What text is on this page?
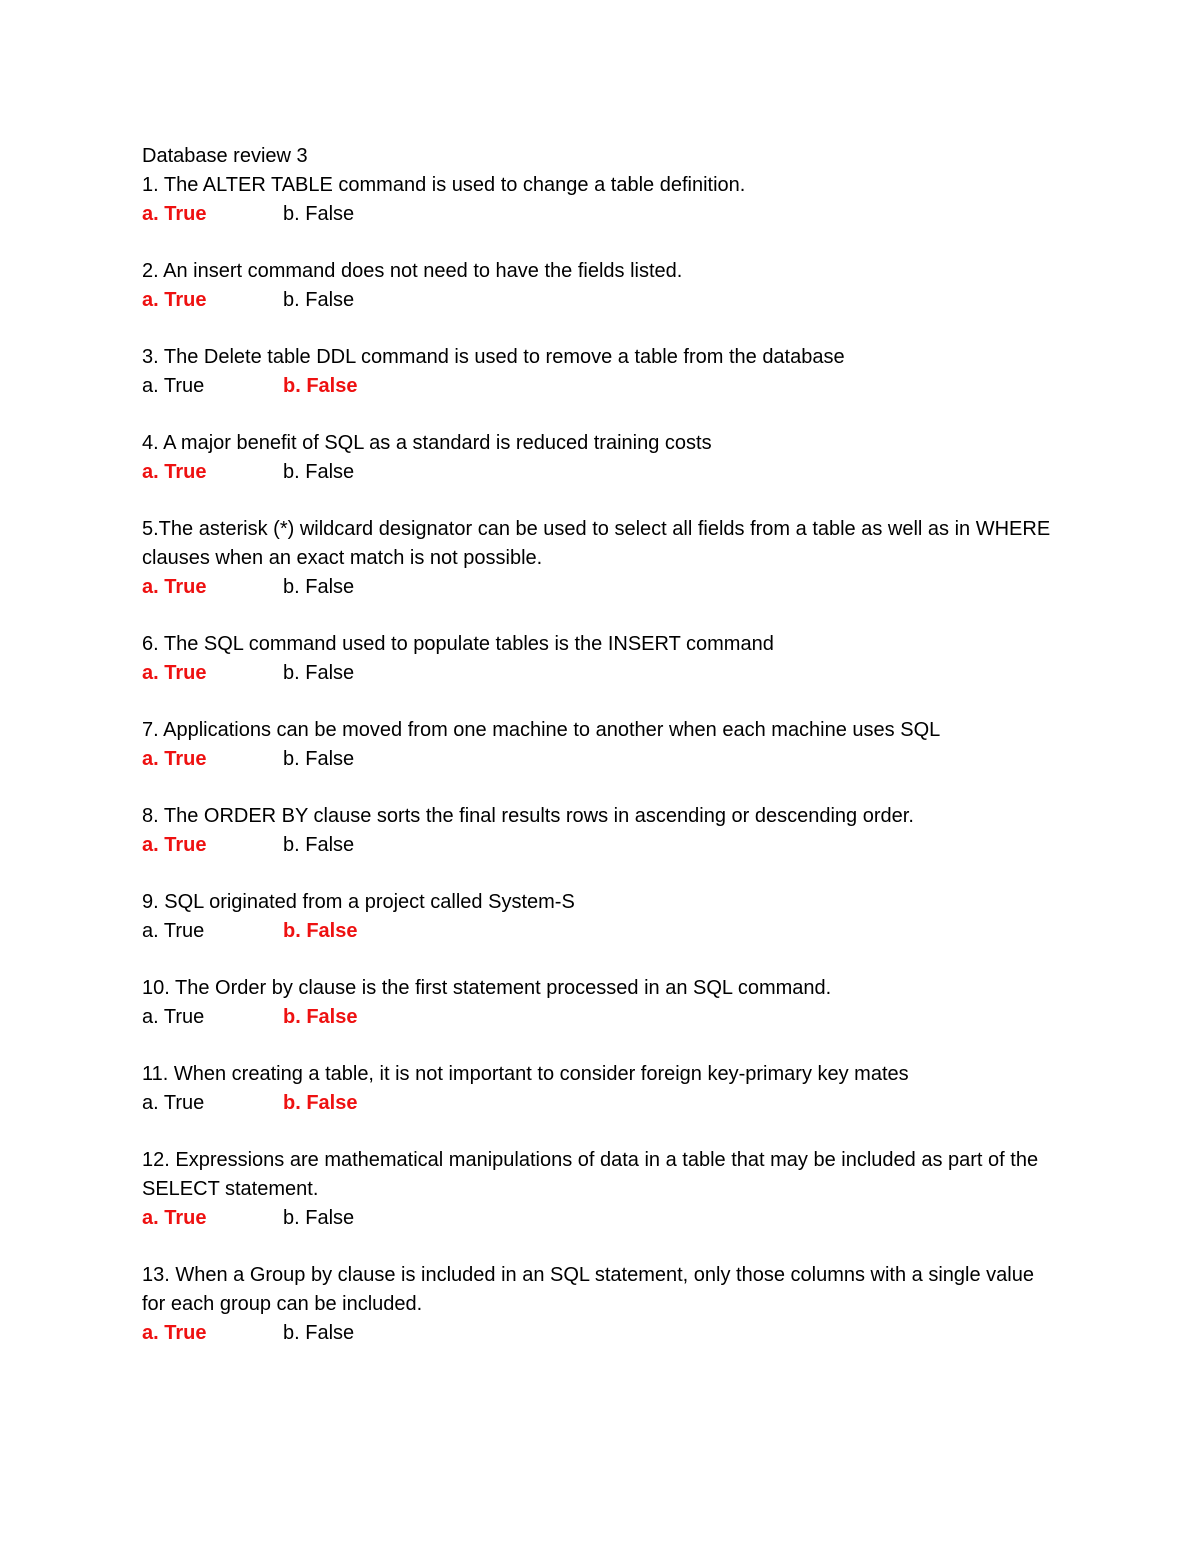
Database review 3

1. The ALTER TABLE command is used to change a table definition.

a. True	b. False

2. An insert command does not need to have the fields listed.

a. True	b. False

3. The Delete table DDL command is used to remove a table from the database

a. True	b. False

4. A major benefit of SQL as a standard is reduced training costs

a. True	b. False

5.The asterisk (*) wildcard designator can be used to select all fields from a table as well as in WHERE clauses when an exact match is not possible.

a. True	b. False

6. The SQL command used to populate tables is the INSERT command

a. True	b. False

7. Applications can be moved from one machine to another when each machine uses SQL

a. True	b. False

8. The ORDER BY clause sorts the final results rows in ascending or descending order.

a. True	b. False

9. SQL originated from a project called System-S

a. True	b. False

10. The Order by clause is the first statement processed in an SQL command.

a. True	b. False

11. When creating a table, it is not important to consider foreign key-primary key mates

a. True	b. False

12. Expressions are mathematical manipulations of data in a table that may be included as part of the SELECT statement.

a. True	b. False

13. When a Group by clause is included in an SQL statement, only those columns with a single value for each group can be included.

a. True	b. False
